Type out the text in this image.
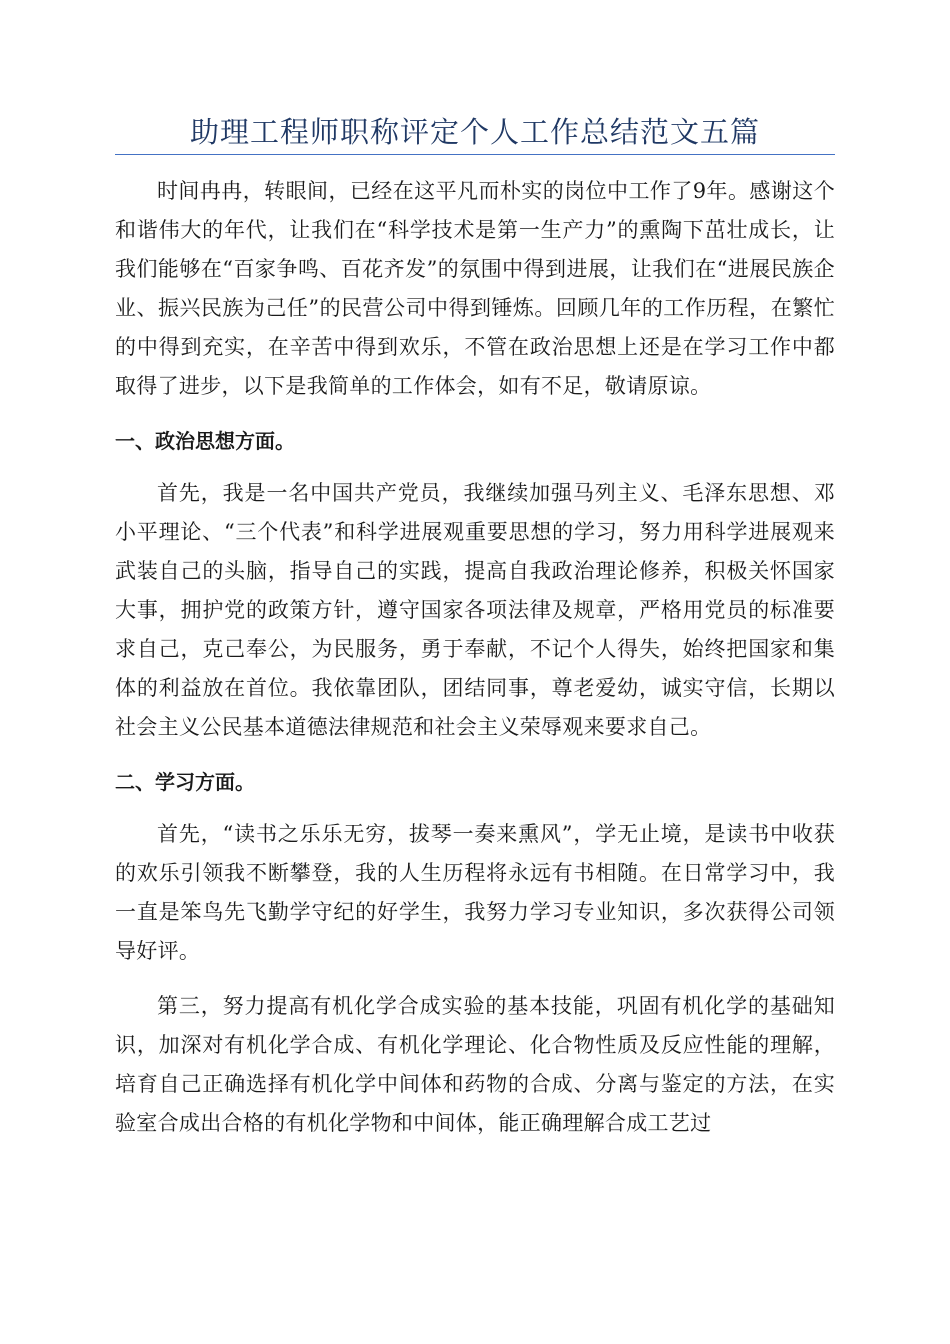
助理工程师职称评定个人工作总结范文五篇

时间冉冉，转眼间，已经在这平凡而朴实的岗位中工作了9年。感谢这个和谐伟大的年代，让我们在“科学技术是第一生产力”的熏陶下茁壮成长，让我们能够在“百家争鸣、百花齐发”的氛围中得到进展，让我们在“进展民族企业、振兴民族为己任”的民营公司中得到锤炼。回顾几年的工作历程，在繁忙的中得到充实，在辛苦中得到欢乐，不管在政治思想上还是在学习工作中都取得了进步，以下是我简单的工作体会，如有不足，敬请原谅。

一、政治思想方面。

首先，我是一名中国共产党员，我继续加强马列主义、毛泽东思想、邓小平理论、“三个代表”和科学进展观重要思想的学习，努力用科学进展观来武装自己的头脑，指导自己的实践，提高自我政治理论修养，积极关怀国家大事，拥护党的政策方针，遵守国家各项法律及规章，严格用党员的标准要求自己，克己奉公，为民服务，勇于奉献，不记个人得失，始终把国家和集体的利益放在首位。我依靠团队，团结同事，尊老爱幼，诚实守信，长期以社会主义公民基本道德法律规范和社会主义荣辱观来要求自己。

二、学习方面。

首先，“读书之乐乐无穷，拔琴一奏来熏风”，学无止境，是读书中收获的欢乐引领我不断攀登，我的人生历程将永远有书相随。在日常学习中，我一直是笨鸟先飞勤学守纪的好学生，我努力学习专业知识，多次获得公司领导好评。

第三，努力提高有机化学合成实验的基本技能，巩固有机化学的基础知识，加深对有机化学合成、有机化学理论、化合物性质及反应性能的理解，培育自己正确选择有机化学中间体和药物的合成、分离与鉴定的方法，在实验室合成出合格的有机化学物和中间体，能正确理解合成工艺过
